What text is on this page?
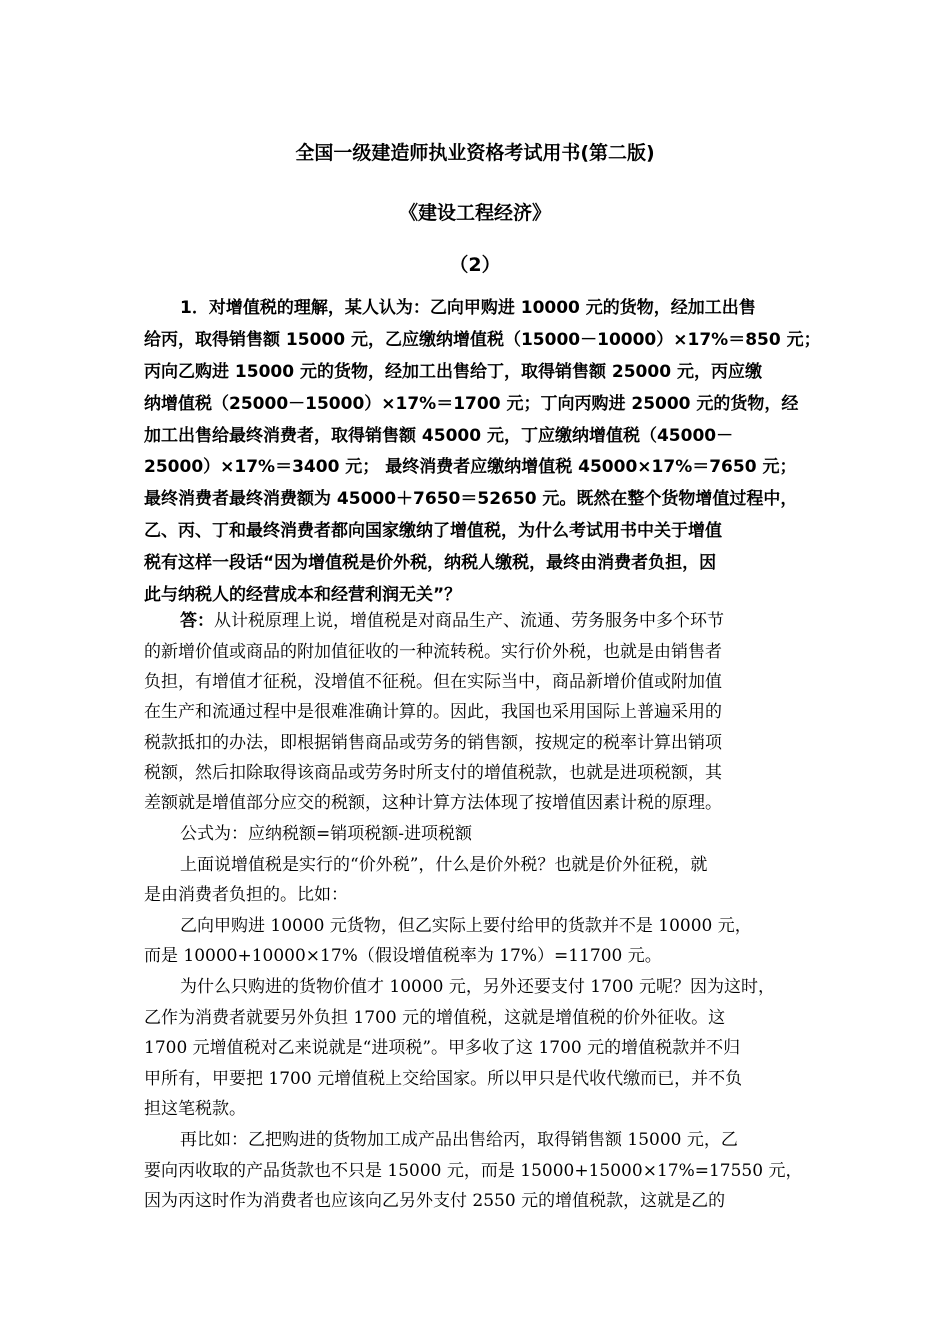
全国一级建造师执业资格考试用书(第二版)
《建设工程经济》
（2）
1．对增值税的理解，某人认为：乙向甲购进 10000 元的货物，经加工出售
给丙，取得销售额 15000 元，乙应缴纳增值税（15000－10000）×17%＝850 元；
丙向乙购进 15000 元的货物，经加工出售给丁，取得销售额 25000 元，丙应缴
纳增值税（25000－15000）×17%＝1700 元；丁向丙购进 25000 元的货物，经
加工出售给最终消费者，取得销售额 45000 元，丁应缴纳增值税（45000－
25000）×17%＝3400 元； 最终消费者应缴纳增值税 45000×17%＝7650 元；
最终消费者最终消费额为 45000＋7650＝52650 元。既然在整个货物增值过程中，
乙、丙、丁和最终消费者都向国家缴纳了增值税，为什么考试用书中关于增值
税有这样一段话“因为增值税是价外税，纳税人缴税，最终由消费者负担，因
此与纳税人的经营成本和经营利润无关”？
答：从计税原理上说，增值税是对商品生产、流通、劳务服务中多个环节
的新增价值或商品的附加值征收的一种流转税。实行价外税，也就是由销售者
负担，有增值才征税，没增值不征税。但在实际当中，商品新增价值或附加值
在生产和流通过程中是很难准确计算的。因此，我国也采用国际上普遍采用的
税款抵扣的办法，即根据销售商品或劳务的销售额，按规定的税率计算出销项
税额，然后扣除取得该商品或劳务时所支付的增值税款，也就是进项税额，其
差额就是增值部分应交的税额，这种计算方法体现了按增值因素计税的原理。
公式为：应纳税额=销项税额-进项税额
上面说增值税是实行的“价外税”，什么是价外税？也就是价外征税，就
是由消费者负担的。比如：
乙向甲购进 10000 元货物，但乙实际上要付给甲的货款并不是 10000 元，
而是 10000+10000×17%（假设增值税率为 17%）=11700 元。
为什么只购进的货物价值才 10000 元，另外还要支付 1700 元呢？因为这时，
乙作为消费者就要另外负担 1700 元的增值税，这就是增值税的价外征收。这
1700 元增值税对乙来说就是“进项税”。甲多收了这 1700 元的增值税款并不归
甲所有，甲要把 1700 元增值税上交给国家。所以甲只是代收代缴而已，并不负
担这笔税款。
再比如：乙把购进的货物加工成产品出售给丙，取得销售额 15000 元，乙
要向丙收取的产品货款也不只是 15000 元，而是 15000+15000×17%=17550 元，
因为丙这时作为消费者也应该向乙另外支付 2550 元的增值税款，这就是乙的
